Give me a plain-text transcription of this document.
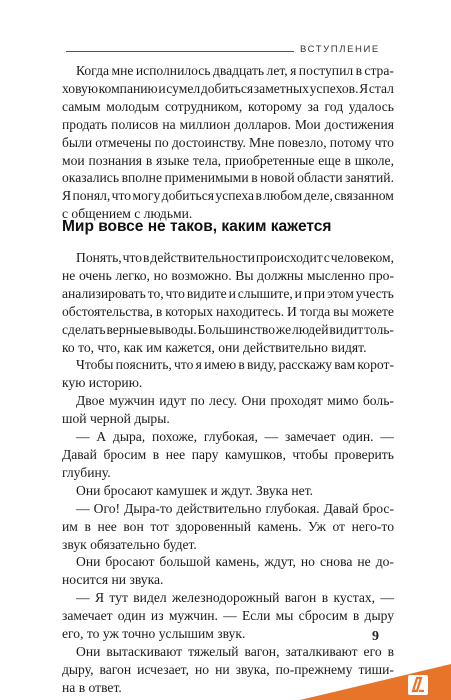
ВСТУПЛЕНИЕ
Когда мне исполнилось двадцать лет, я поступил в стра-
ховую компанию и сумел добиться заметных успехов. Я стал
самым молодым сотрудником, которому за год удалось
продать полисов на миллион долларов. Мои достижения
были отмечены по достоинству. Мне повезло, потому что
мои познания в языке тела, приобретенные еще в школе,
оказались вполне применимыми в новой области занятий.
Я понял, что могу добиться успеха в любом деле, связанном
с общением с людьми.
Мир вовсе не таков, каким кажется
Понять, что в действительности происходит с человеком,
не очень легко, но возможно. Вы должны мысленно про-
анализировать то, что видите и слышите, и при этом учесть
обстоятельства, в которых находитесь. И тогда вы можете
сделать верные выводы. Большинство же людей видит толь-
ко то, что, как им кажется, они действительно видят.
Чтобы пояснить, что я имею в виду, расскажу вам корот-
кую историю.
Двое мужчин идут по лесу. Они проходят мимо боль-
шой черной дыры.
— А дыра, похоже, глубокая, — замечает один. —
Давай бросим в нее пару камушков, чтобы проверить
глубину.
Они бросают камушек и ждут. Звука нет.
— Ого! Дыра-то действительно глубокая. Давай брос-
им в нее вон тот здоровенный камень. Уж от него-то
звук обязательно будет.
Они бросают большой камень, ждут, но снова не до-
носится ни звука.
— Я тут видел железнодорожный вагон в кустах, —
замечает один из мужчин. — Если мы сбросим в дыру
его, то уж точно услышим звук.
Они вытаскивают тяжелый вагон, заталкивают его в
дыру, вагон исчезает, но ни звука, по-прежнему тиши-
на в ответ.
9
